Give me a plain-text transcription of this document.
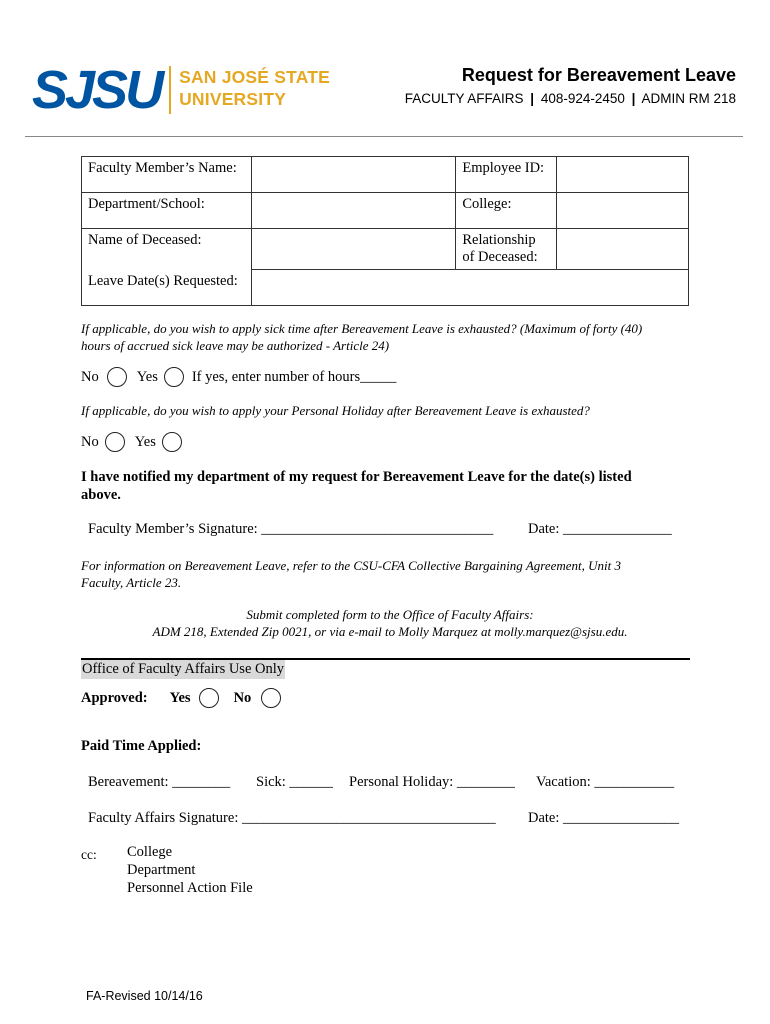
SJSU SAN JOSÉ STATE
UNIVERSITY
Request for Bereavement Leave
FACULTY AFFAIRS | 408-924-2450 | ADMIN RM 218
Faculty Member’s Name:		Employee ID:	
Department/School:		College:	
Name of Deceased:		Relationship
of Deceased:	

Leave Date(s) Requested:			
If applicable, do you wish to apply sick time after Bereavement Leave is exhausted? (Maximum of forty (40)
hours of accrued sick leave may be authorized - Article 24)
No	Yes If yes, enter number of hours_____
If applicable, do you wish to apply your Personal Holiday after Bereavement Leave is exhausted?
No Yes
I have notified my department of my request for Bereavement Leave for the date(s) listed
above.
Faculty Member’s Signature: ________________________________ Date: _______________
For information on Bereavement Leave, refer to the CSU-CFA Collective Bargaining Agreement, Unit 3
Faculty, Article 23.
Submit completed form to the Office of Faculty Affairs:
ADM 218, Extended Zip 0021, or via e-mail to Molly Marquez at molly.marquez@sjsu.edu.
Office of Faculty Affairs Use Only
Approved: Yes	No
Paid Time Applied:
Bereavement: ________ Sick: ______ Personal Holiday: ________ Vacation: ___________
Faculty Affairs Signature: ___________________________________ Date: ________________
cc: College
Department
Personnel Action File
FA-Revised 10/14/16
